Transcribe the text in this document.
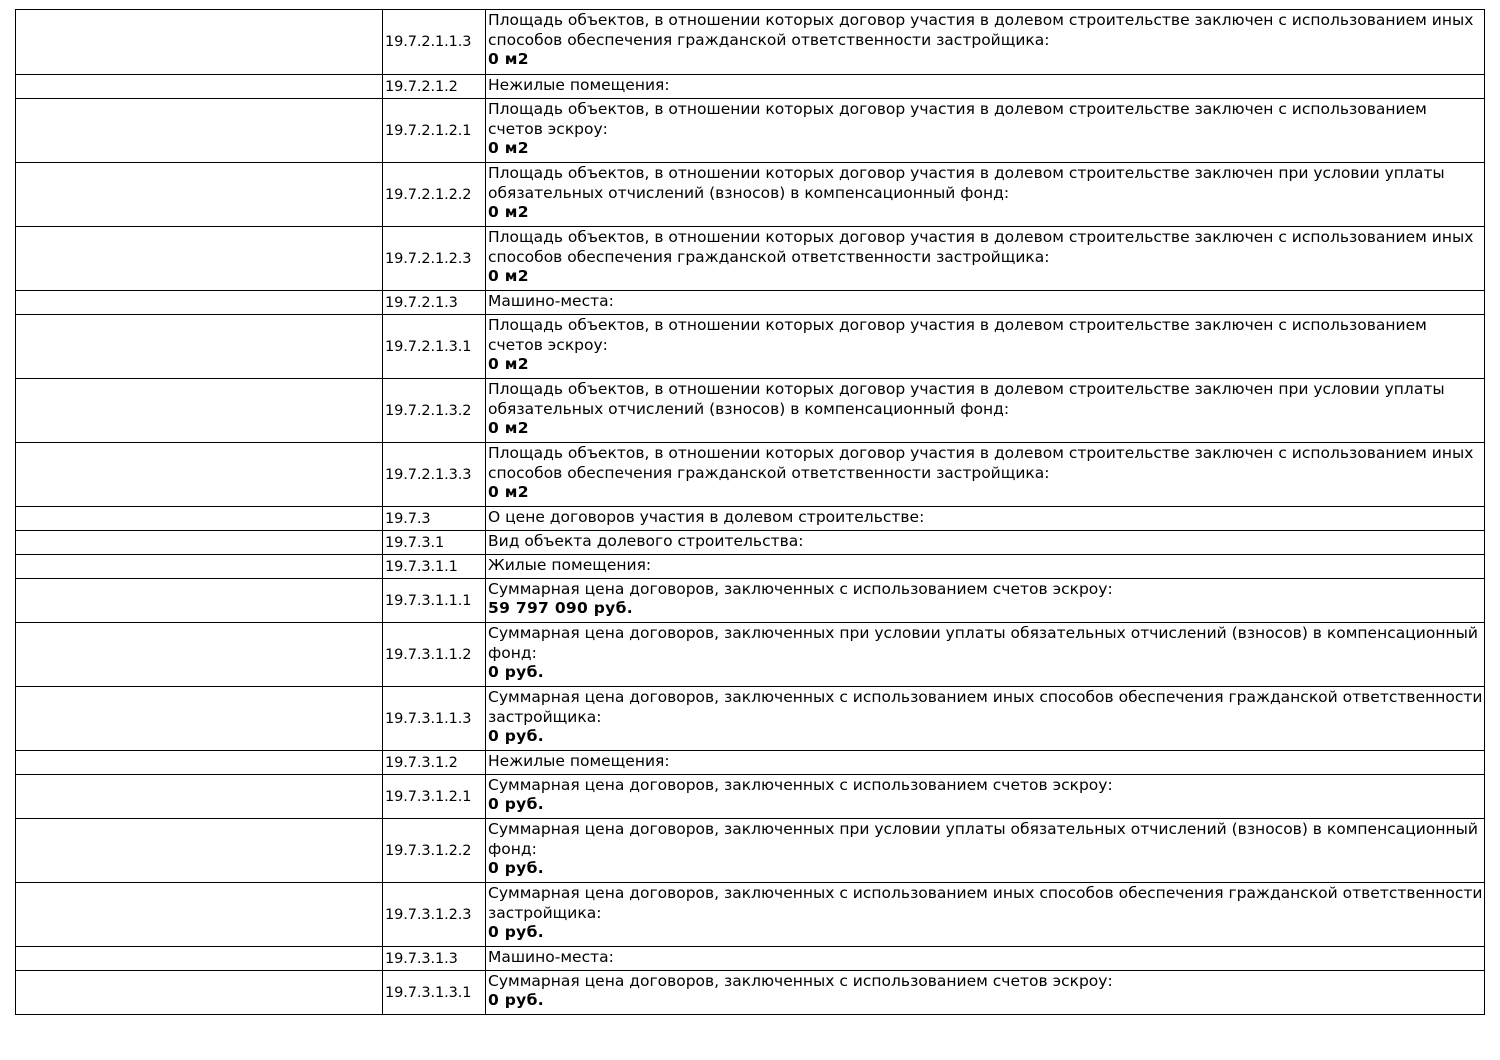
	19.7.2.1.1.3	Площадь объектов, в отношении которых договор участия в долевом строительстве заключен с использованием иных способов обеспечения гражданской ответственности застройщика:
0 м2

	19.7.2.1.2	Нежилые помещения:

	19.7.2.1.2.1	Площадь объектов, в отношении которых договор участия в долевом строительстве заключен с использованием счетов эскроу:
0 м2

	19.7.2.1.2.2	Площадь объектов, в отношении которых договор участия в долевом строительстве заключен при условии уплаты обязательных отчислений (взносов) в компенсационный фонд:
0 м2

	19.7.2.1.2.3	Площадь объектов, в отношении которых договор участия в долевом строительстве заключен с использованием иных способов обеспечения гражданской ответственности застройщика:
0 м2

	19.7.2.1.3	Машино-места:

	19.7.2.1.3.1	Площадь объектов, в отношении которых договор участия в долевом строительстве заключен с использованием счетов эскроу:
0 м2

	19.7.2.1.3.2	Площадь объектов, в отношении которых договор участия в долевом строительстве заключен при условии уплаты обязательных отчислений (взносов) в компенсационный фонд:
0 м2

	19.7.2.1.3.3	Площадь объектов, в отношении которых договор участия в долевом строительстве заключен с использованием иных способов обеспечения гражданской ответственности застройщика:
0 м2

	19.7.3	О цене договоров участия в долевом строительстве:

	19.7.3.1	Вид объекта долевого строительства:

	19.7.3.1.1	Жилые помещения:

	19.7.3.1.1.1	Суммарная цена договоров, заключенных с использованием счетов эскроу:
59 797 090 руб.

	19.7.3.1.1.2	Суммарная цена договоров, заключенных при условии уплаты обязательных отчислений (взносов) в компенсационный фонд:
0 руб.

	19.7.3.1.1.3	Суммарная цена договоров, заключенных с использованием иных способов обеспечения гражданской ответственности застройщика:
0 руб.

	19.7.3.1.2	Нежилые помещения:

	19.7.3.1.2.1	Суммарная цена договоров, заключенных с использованием счетов эскроу:
0 руб.

	19.7.3.1.2.2	Суммарная цена договоров, заключенных при условии уплаты обязательных отчислений (взносов) в компенсационный фонд:
0 руб.

	19.7.3.1.2.3	Суммарная цена договоров, заключенных с использованием иных способов обеспечения гражданской ответственности застройщика:
0 руб.

	19.7.3.1.3	Машино-места:

	19.7.3.1.3.1	Суммарная цена договоров, заключенных с использованием счетов эскроу:
0 руб.
